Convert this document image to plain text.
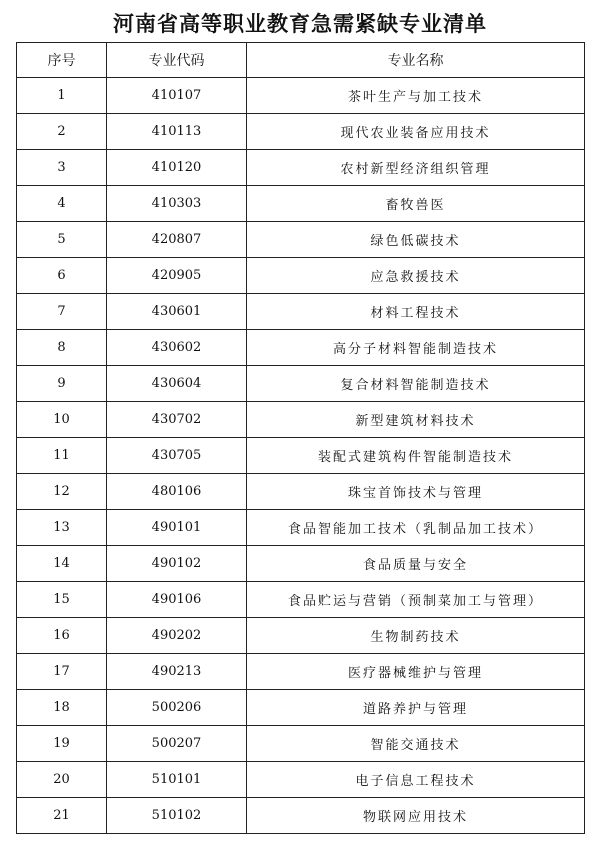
河南省高等职业教育急需紧缺专业清单
序号	专业代码	专业名称
1	410107	茶叶生产与加工技术
2	410113	现代农业装备应用技术
3	410120	农村新型经济组织管理
4	410303	畜牧兽医
5	420807	绿色低碳技术
6	420905	应急救援技术
7	430601	材料工程技术
8	430602	高分子材料智能制造技术
9	430604	复合材料智能制造技术
10	430702	新型建筑材料技术
11	430705	装配式建筑构件智能制造技术
12	480106	珠宝首饰技术与管理
13	490101	食品智能加工技术（乳制品加工技术）
14	490102	食品质量与安全
15	490106	食品贮运与营销（预制菜加工与管理）
16	490202	生物制药技术
17	490213	医疗器械维护与管理
18	500206	道路养护与管理
19	500207	智能交通技术
20	510101	电子信息工程技术
21	510102	物联网应用技术
